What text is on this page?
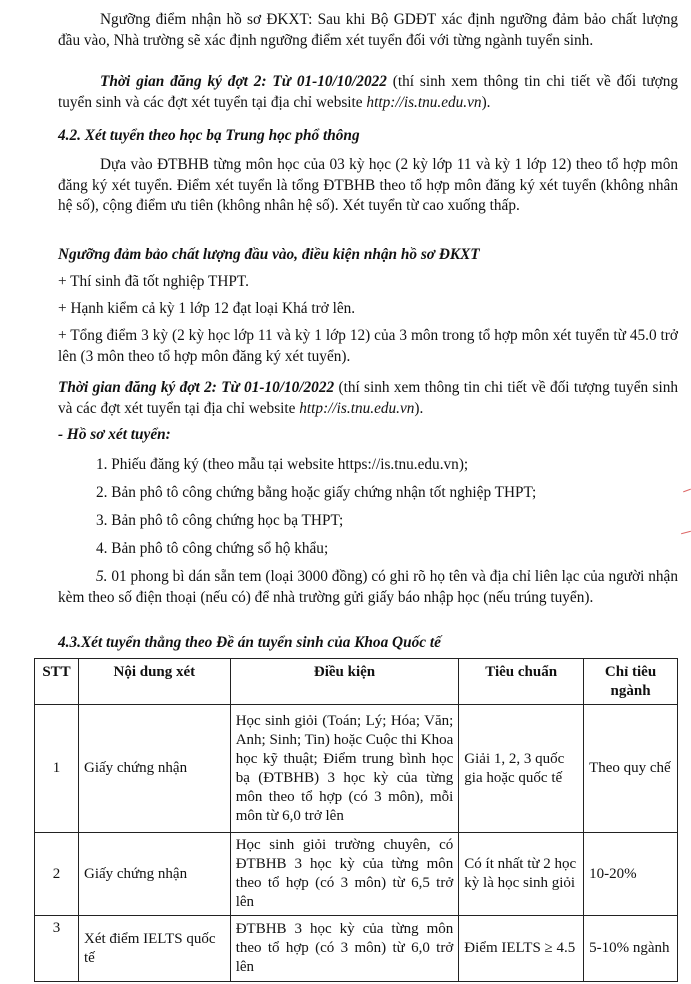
Ngưỡng điểm nhận hồ sơ ĐKXT: Sau khi Bộ GDĐT xác định ngưỡng đảm bảo chất lượng đầu vào, Nhà trường sẽ xác định ngưỡng điểm xét tuyển đối với từng ngành tuyển sinh.

Thời gian đăng ký đợt 2: Từ 01-10/10/2022 (thí sinh xem thông tin chi tiết về đối tượng tuyển sinh và các đợt xét tuyển tại địa chỉ website http://is.tnu.edu.vn).

4.2. Xét tuyển theo học bạ Trung học phổ thông

Dựa vào ĐTBHB từng môn học của 03 kỳ học (2 kỳ lớp 11 và kỳ 1 lớp 12) theo tổ hợp môn đăng ký xét tuyển. Điểm xét tuyển là tổng ĐTBHB theo tổ hợp môn đăng ký xét tuyển (không nhân hệ số), cộng điểm ưu tiên (không nhân hệ số). Xét tuyển từ cao xuống thấp.

Ngưỡng đảm bảo chất lượng đầu vào, điều kiện nhận hồ sơ ĐKXT

+ Thí sinh đã tốt nghiệp THPT.

+ Hạnh kiểm cả kỳ 1 lớp 12 đạt loại Khá trở lên.

+ Tổng điểm 3 kỳ (2 kỳ học lớp 11 và kỳ 1 lớp 12) của 3 môn trong tổ hợp môn xét tuyển từ 45.0 trở lên (3 môn theo tổ hợp môn đăng ký xét tuyển).

Thời gian đăng ký đợt 2: Từ 01-10/10/2022 (thí sinh xem thông tin chi tiết về đối tượng tuyển sinh và các đợt xét tuyển tại địa chỉ website http://is.tnu.edu.vn).

- Hồ sơ xét tuyển:

1. Phiếu đăng ký (theo mẫu tại website https://is.tnu.edu.vn);
2. Bản phô tô công chứng bằng hoặc giấy chứng nhận tốt nghiệp THPT;
3. Bản phô tô công chứng học bạ THPT;
4. Bản phô tô công chứng sổ hộ khẩu;

5. 01 phong bì dán sẵn tem (loại 3000 đồng) có ghi rõ họ tên và địa chỉ liên lạc của người nhận kèm theo số điện thoại (nếu có) để nhà trường gửi giấy báo nhập học (nếu trúng tuyển).

4.3.Xét tuyển thẳng theo Đề án tuyển sinh của Khoa Quốc tế

STT	Nội dung xét	Điều kiện	Tiêu chuẩn	Chỉ tiêu ngành
1	Giấy chứng nhận	Học sinh giỏi (Toán; Lý; Hóa; Văn; Anh; Sinh; Tin) hoặc Cuộc thi Khoa học kỹ thuật; Điểm trung bình học bạ (ĐTBHB) 3 học kỳ của từng môn theo tổ hợp (có 3 môn), mỗi môn từ 6,0 trở lên	Giải 1, 2, 3 quốc gia hoặc quốc tế	Theo quy chế
2	Giấy chứng nhận	Học sinh giỏi trường chuyên, có ĐTBHB 3 học kỳ của từng môn theo tổ hợp (có 3 môn) từ 6,5 trở lên	Có ít nhất từ 2 học kỳ là học sinh giỏi	10-20%
3	Xét điểm IELTS quốc tế	ĐTBHB 3 học kỳ của từng môn theo tổ hợp (có 3 môn) từ 6,0 trở lên	Điểm IELTS ≥ 4.5	5-10% ngành
